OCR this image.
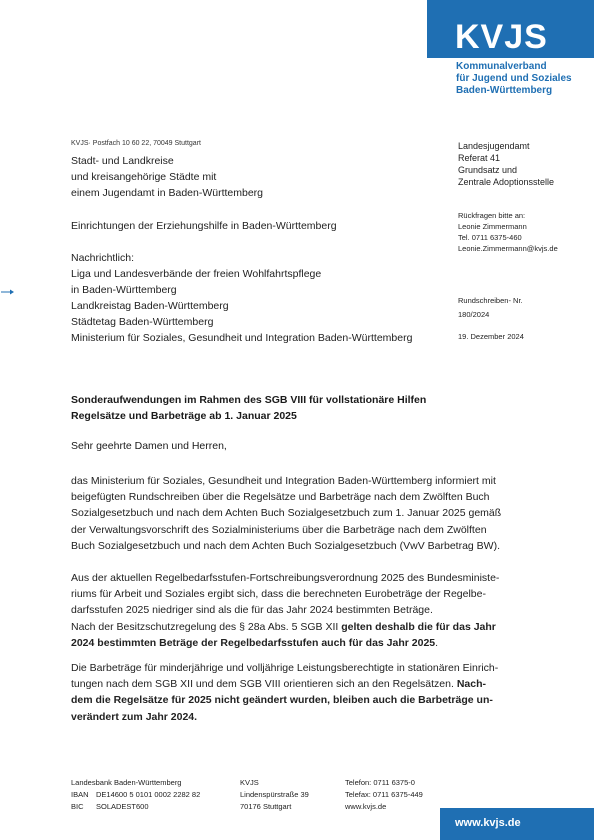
KVJS
Kommunalverband
für Jugend und Soziales
Baden-Württemberg
KVJS· Postfach 10 60 22, 70049 Stuttgart
Stadt- und Landkreise
und kreisangehörige Städte mit
einem Jugendamt in Baden-Württemberg
Einrichtungen der Erziehungshilfe in Baden-Württemberg
Nachrichtlich:
Liga und Landesverbände der freien Wohlfahrtspflege
in Baden-Württemberg
Landkreistag Baden-Württemberg
Städtetag Baden-Württemberg
Ministerium für Soziales, Gesundheit und Integration Baden-Württemberg
Landesjugendamt
Referat 41
Grundsatz und
Zentrale Adoptionsstelle
Rückfragen bitte an:
Leonie Zimmermann
Tel. 0711 6375-460
Leonie.Zimmermann@kvjs.de
Rundschreiben- Nr.
180/2024
19. Dezember 2024
Sonderaufwendungen im Rahmen des SGB VIII für vollstationäre Hilfen
Regelsätze und Barbeträge ab 1. Januar 2025
Sehr geehrte Damen und Herren,
das Ministerium für Soziales, Gesundheit und Integration Baden-Württemberg informiert mit
beigefügten Rundschreiben über die Regelsätze und Barbeträge nach dem Zwölften Buch
Sozialgesetzbuch und nach dem Achten Buch Sozialgesetzbuch zum 1. Januar 2025 gemäß
der Verwaltungsvorschrift des Sozialministeriums über die Barbeträge nach dem Zwölften
Buch Sozialgesetzbuch und nach dem Achten Buch Sozialgesetzbuch (VwV Barbetrag BW).
Aus der aktuellen Regelbedarfsstufen-Fortschreibungsverordnung 2025 des Bundesministe-
riums für Arbeit und Soziales ergibt sich, dass die berechneten Eurobeträge der Regelbe-
darfsstufen 2025 niedriger sind als die für das Jahr 2024 bestimmten Beträge.
Nach der Besitzschutzregelung des § 28a Abs. 5 SGB XII gelten deshalb die für das Jahr
2024 bestimmten Beträge der Regelbedarfsstufen auch für das Jahr 2025.
Die Barbeträge für minderjährige und volljährige Leistungsberechtigte in stationären Einrich-
tungen nach dem SGB XII und dem SGB VIII orientieren sich an den Regelsätzen. Nach-
dem die Regelsätze für 2025 nicht geändert wurden, bleiben auch die Barbeträge un-
verändert zum Jahr 2024.
Landesbank Baden-Württemberg
IBAN DE14600 5 0101 0002 2282 82
BIC SOLADEST600
KVJS
Lindenspürstraße 39
70176 Stuttgart
Telefon: 0711 6375-0
Telefax: 0711 6375-449
www.kvjs.de
www.kvjs.de
